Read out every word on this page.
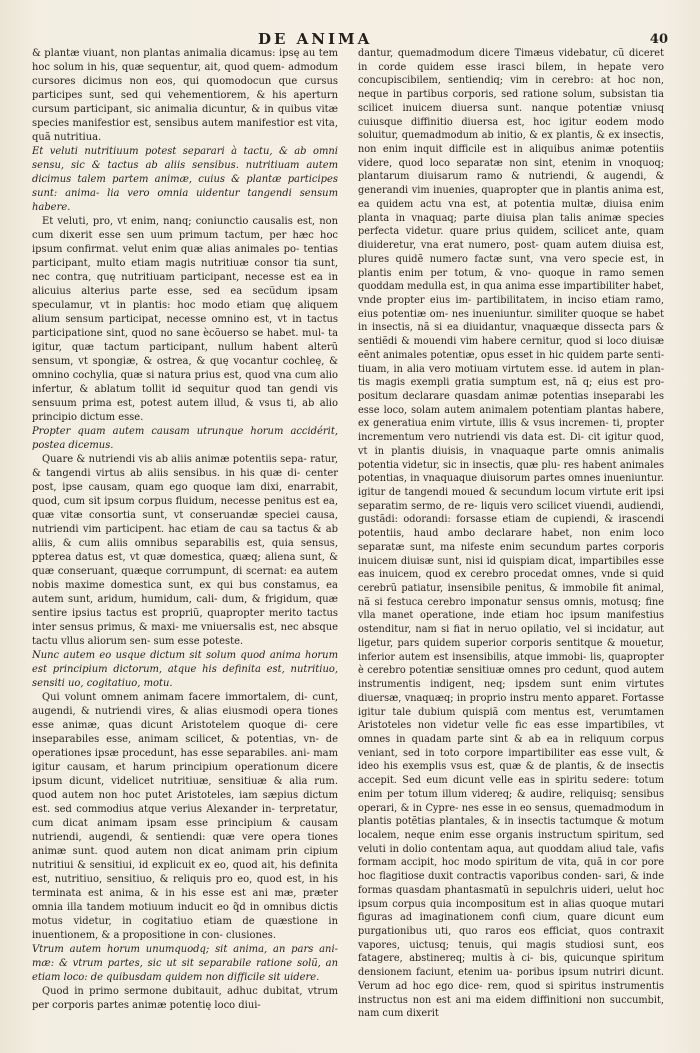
DE ANIMA	40

& plantæ viuant, non plantas animalia dicamus: ipsę au tem hoc solum in his, quæ sequentur, ait, quod quem- admodum cursores dicimus non eos, qui quomodocun que cursus participes sunt, sed qui vehementiorem, & his aperturn cursum participant, sic animalia dicuntur, & in quibus vitæ species manifestior est, sensibus autem manifestior est vita, quã nutritiua.

Et veluti nutritiuum potest separari à tactu, & ab omni sensu, sic & tactus ab aliis sensibus. nutritiuam autem dicimus talem partem animæ, cuius & plantæ participes sunt: anima- lia vero omnia uidentur tangendi sensum habere.

Et veluti, pro, vt enim, nanq; coniunctio causalis est, non cum dixerit esse sen uum primum tactum, per hæc hoc ipsum confirmat. velut enim quæ alias animales po- tentias participant, multo etiam magis nutritiuæ consor tia sunt, nec contra, quę nutritiuam participant, necesse est ea in alicuius alterius parte esse, sed ea secũdum ipsam speculamur, vt in plantis: hoc modo etiam quę aliquem alium sensum participat, necesse omnino est, vt in tactus participatione sint, quod no sane ècõuerso se habet. mul- ta igitur, quæ tactum participant, nullum habent alterũ sensum, vt spongiæ, & ostrea, & quę vocantur cochleę, & omnino cochylia, quæ si natura prius est, quod vna cum alio infertur, & ablatum tollit id sequitur quod tan gendi vis sensuum prima est, potest autem illud, & vsus ti, ab alio principio dictum esse.

Propter quam autem causam utrunque horum accidérit, postea dicemus.

Quare & nutriendi vis ab aliis animæ potentiis sepa- ratur, & tangendi virtus ab aliis sensibus. in his quæ di- center post, ipse causam, quam ego quoque iam dixi, enarrabit, quod, cum sit ipsum corpus fluidum, necesse penitus est ea, quæ vitæ consortia sunt, vt conseruandæ speciei causa, nutriendi vim participent. hac etiam de cau sa tactus & ab aliis, & cum aliis omnibus separabilis est, quia sensus, ppterea datus est, vt quæ domestica, quæq; aliena sunt, & quæ conseruant, quæque corrumpunt, di scernat: ea autem nobis maxime domestica sunt, ex qui bus constamus, ea autem sunt, aridum, humidum, cali- dum, & frigidum, quæ sentire ipsius tactus est propriũ, quapropter merito tactus inter sensus primus, & maxi- me vniuersalis est, nec absque tactu vllus aliorum sen- sum esse poteste.

Nunc autem eo usque dictum sit solum quod anima horum est principium dictorum, atque his definita est, nutritiuo, sensiti uo, cogitatiuo, motu.

Qui volunt omnem animam facere immortalem, di- cunt, augendi, & nutriendi vires, & alias eiusmodi opera tiones esse animæ, quas dicunt Aristotelem quoque di- cere inseparabiles esse, animam scilicet, & potentias, vn- de operationes ipsæ procedunt, has esse separabiles. ani- mam igitur causam, et harum principium operationum dicere ipsum dicunt, videlicet nutritiuæ, sensitiuæ & alia rum. quod autem non hoc putet Aristoteles, iam sæpius dictum est. sed commodius atque verius Alexander in- terpretatur, cum dicat animam ipsam esse principium & causam nutriendi, augendi, & sentiendi: quæ vere opera tiones animæ sunt. quod autem non dicat animam prin cipium nutritiui & sensitiui, id explicuit ex eo, quod ait, his definita est, nutritiuo, sensitiuo, & reliquis pro eo, quod est, in his terminata est anima, & in his esse est ani mæ, præter omnia illa tandem motiuum inducit eo q̃d in omnibus dictis motus videtur, in cogitatiuo etiam de quæstione in inuentionem, & a propositione in con- clusiones.

Vtrum autem horum unumquodq; sit anima, an pars ani- mæ: & vtrum partes, sic ut sit separabile ratione solũ, an etiam loco: de quibusdam quidem non difficile sit uidere.

Quod in primo sermone dubitauit, adhuc dubitat, vtrum per corporis partes animæ potentię loco diui-

dantur, quemadmodum dicere Timæus videbatur, cũ diceret in corde quidem esse irasci bilem, in hepate vero concupiscibilem, sentiendiq; vim in cerebro: at hoc non, neque in partibus corporis, sed ratione solum, subsistan tia scilicet inuicem diuersa sunt. nanque potentiæ vniusq cuiusque diffinitio diuersa est, hoc igitur eodem modo soluitur, quemadmodum ab initio, & ex plantis, & ex insectis, non enim inquit difficile est in aliquibus animæ potentiis videre, quod loco separatæ non sint, etenim in vnoquoq; plantarum diuisarum ramo & nutriendi, & augendi, & generandi vim inuenies, quapropter que in plantis anima est, ea quidem actu vna est, at potentia multæ, diuisa enim planta in vnaquaq; parte diuisa plan talis animæ species perfecta videtur. quare prius quidem, scilicet ante, quam diuideretur, vna erat numero, post- quam autem diuisa est, plures quidẽ numero factæ sunt, vna vero specie est, in plantis enim per totum, & vno- quoque in ramo semen quoddam medulla est, in qua anima esse impartibiliter habet, vnde propter eius im- partibilitatem, in inciso etiam ramo, eius potentiæ om- nes inueniuntur. similiter quoque se habet in insectis, nã si ea diuidantur, vnaquæque dissecta pars & sentiẽdi & mouendi vim habere cernitur, quod si loco diuisæ eẽnt animales potentiæ, opus esset in hic quidem parte senti- tiuam, in alia vero motiuam virtutem esse. id autem in plan- tis magis exempli gratia sumptum est, nã q; eius est pro- positum declarare quasdam animæ potentias inseparabi les esse loco, solam autem animalem potentiam plantas habere, ex generatiua enim virtute, illis & vsus incremen- ti, propter incrementum vero nutriendi vis data est. Di- cit igitur quod, vt in plantis diuisis, in vnaquaque parte omnis animalis potentia videtur, sic in insectis, quæ plu- res habent animales potentias, in vnaquaque diuisorum partes omnes inueniuntur. igitur de tangendi moued & secundum locum virtute erit ipsi separatim sermo, de re- liquis vero scilicet viuendi, audiendi, gustãdi: odorandi: forsasse etiam de cupiendi, & irascendi potentiis, haud ambo declarare habet, non enim loco separatæ sunt, ma nifeste enim secundum partes corporis inuicem diuisæ sunt, nisi id quispiam dicat, impartibiles esse eas inuicem, quod ex cerebro procedat omnes, vnde si quid cerebrũ patiatur, insensibile penitus, & immobile fit animal, nã si festuca cerebro imponatur sensus omnis, motusq; fine vlla manet operatione, inde etiam hoc ipsum manifestius ostenditur, nam si fiat in neruo opilatio, vel si incidatur, aut ligetur, pars quidem superior corporis sentitque & mouetur, inferior autem est insensibilis, atque immobi- lis, quapropter è cerebro potentiæ sensitiuæ omnes pro cedunt, quod autem instrumentis indigent, neq; ipsdem sunt enim virtutes diuersæ, vnaquæq; in proprio instru mento apparet. Fortasse igitur tale dubium quispiã com mentus est, verumtamen Aristoteles non videtur velle fic eas esse impartibiles, vt omnes in quadam parte sint & ab ea in reliquum corpus veniant, sed in toto corpore impartibiliter eas esse vult, & ideo his exemplis vsus est, quæ & de plantis, & de insectis accepit. Sed eum dicunt velle eas in spiritu sedere: totum enim per totum illum videreq; & audire, reliquisq; sensibus operari, & in Cypre- nes esse in eo sensus, quemadmodum in plantis potẽtias plantales, & in insectis tactumque & motum localem, neque enim esse organis instructum spiritum, sed veluti in dolio contentam aqua, aut quoddam aliud tale, vafis formam accipit, hoc modo spiritum de vita, quã in cor pore hoc flagitiose duxit contractis vaporibus conden- sari, & inde formas quasdam phantasmatũ in sepulchris uideri, uelut hoc ipsum corpus quia incompositum est in alias quoque mutari figuras ad imaginationem confi cium, quare dicunt eum purgationibus uti, quo raros eos efficiat, quos contraxit vapores, uictusq; tenuis, qui magis studiosi sunt, eos fatagere, abstinereq; multis à ci- bis, quicunque spiritum densionem faciunt, etenim ua- poribus ipsum nutriri dicunt. Verum ad hoc ego dice- rem, quod si spiritus instrumentis instructus non est ani ma eidem diffinitioni non succumbit, nam cum dixerit
